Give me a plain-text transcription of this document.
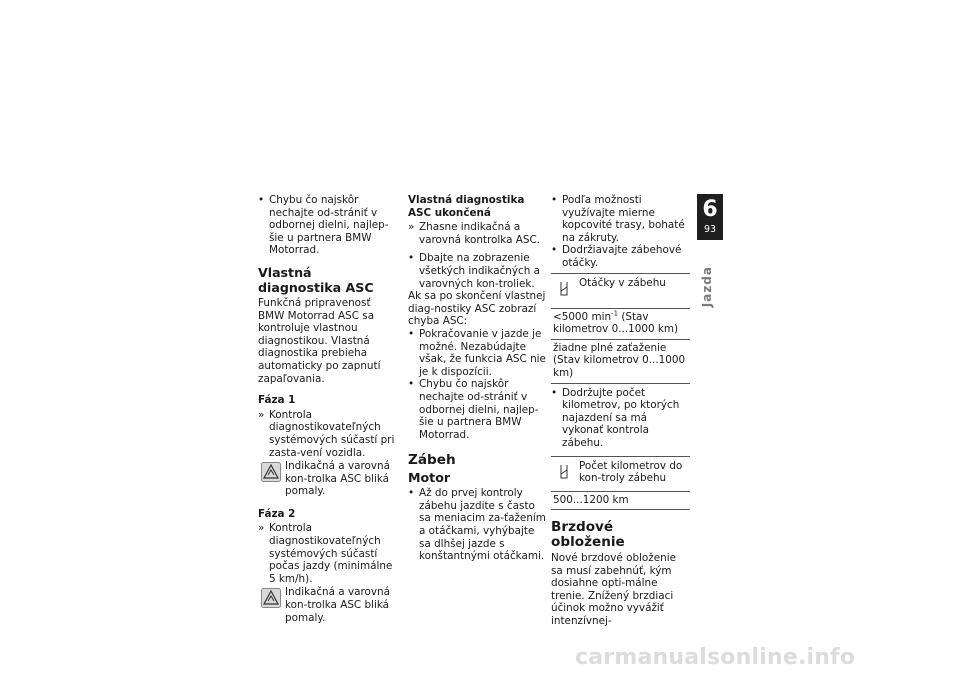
• Chybu čo najskôr nechajte od-strániť v odbornej dielni, najlep-šie u partnera BMW Motorrad.

Vlastná diagnostika ASC

Funkčná pripravenosť BMW Motorrad ASC sa kontroluje vlastnou diagnostikou. Vlastná diagnostika prebieha automaticky po zapnutí zapaľovania.

Fáza 1

» Kontrola diagnostikovateľných systémových súčastí pri zasta-vení vozidla.

Indikačná a varovná kon-trolka ASC bliká pomaly.

Fáza 2

» Kontrola diagnostikovateľných systémových súčastí počas jazdy (minimálne 5 km/h).

Indikačná a varovná kon-trolka ASC bliká pomaly.

Vlastná diagnostika ASC ukončená

» Zhasne indikačná a varovná kontrolka ASC.

• Dbajte na zobrazenie všetkých indikačných a varovných kon-troliek.

Ak sa po skončení vlastnej diag-nostiky ASC zobrazí chyba ASC:

• Pokračovanie v jazde je možné. Nezabúdajte však, že funkcia ASC nie je k dispozícii.

• Chybu čo najskôr nechajte od-strániť v odbornej dielni, najlep-šie u partnera BMW Motorrad.

Zábeh
Motor

• Až do prvej kontroly zábehu jazdite s často sa meniacim za-ťažením a otáčkami, vyhýbajte sa dlhšej jazde s konštantnými otáčkami.

• Podľa možnosti využívajte mierne kopcovité trasy, bohaté na zákruty.

• Dodržiavajte zábehové otáčky.

Otáčky v zábehu
<5000 $\min^{-1}$ (Stav kilometrov 0...1000 km)
žiadne plné zaťaženie (Stav kilometrov 0...1000 km)

• Dodržujte počet kilometrov, po ktorých najazdení sa má vykonať kontrola zábehu.

Počet kilometrov do kon-troly zábehu
500...1200 km
Brzdové obloženie

Nové brzdové obloženie sa musí zabehnúť, kým dosiahne opti-málne trenie. Znížený brzdiaci účinok možno vyvážiť intenzívnej-

6
93
Jazda
carmanualsonline.info
